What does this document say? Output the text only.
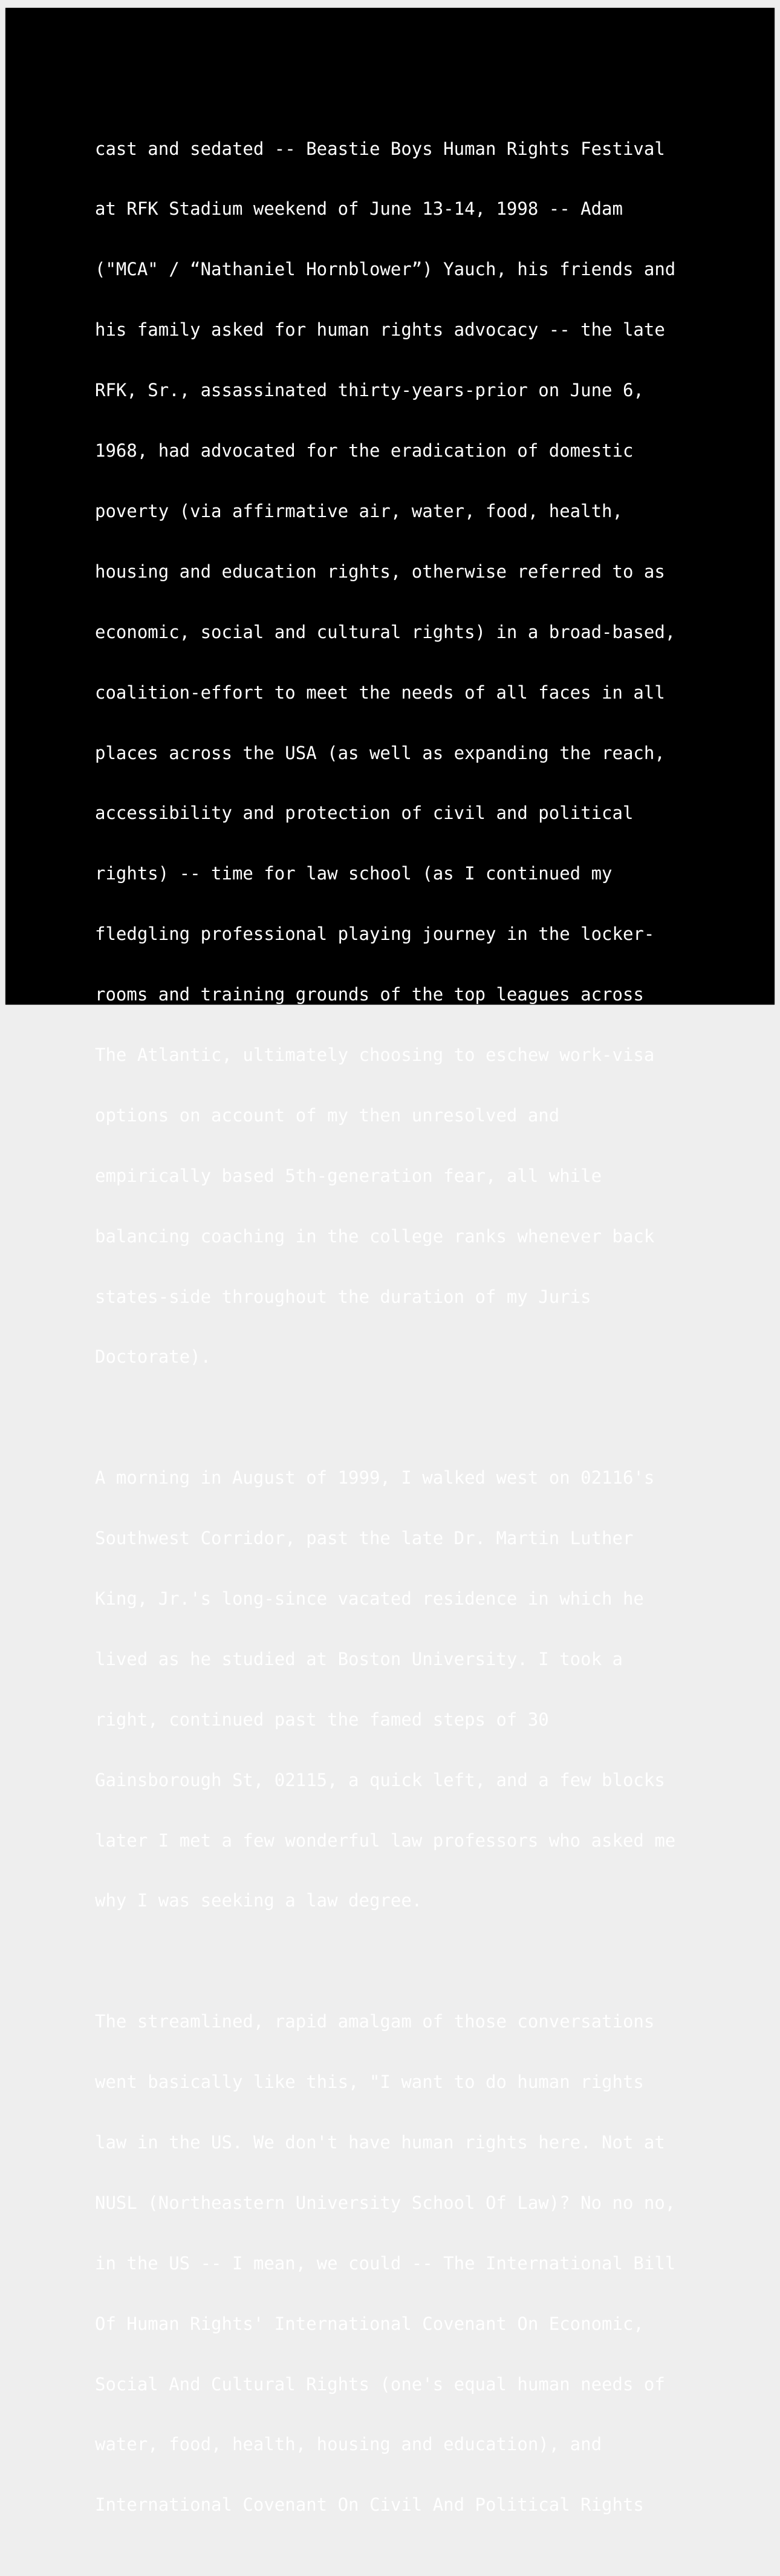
cast and sedated -- Beastie Boys Human Rights Festival

at RFK Stadium weekend of June 13-14, 1998 -- Adam

("MCA" / “Nathaniel Hornblower”) Yauch, his friends and

his family asked for human rights advocacy -- the late

RFK, Sr., assassinated thirty-years-prior on June 6,

1968, had advocated for the eradication of domestic

poverty (via affirmative air, water, food, health,

housing and education rights, otherwise referred to as

economic, social and cultural rights) in a broad-based,

coalition-effort to meet the needs of all faces in all

places across the USA (as well as expanding the reach,

accessibility and protection of civil and political

rights) -- time for law school (as I continued my

fledgling professional playing journey in the locker-

rooms and training grounds of the top leagues across

The Atlantic, ultimately choosing to eschew work-visa

options on account of my then unresolved and

empirically based 5th-generation fear, all while

balancing coaching in the college ranks whenever back

states-side throughout the duration of my Juris

Doctorate).

A morning in August of 1999, I walked west on 02116's

Southwest Corridor, past the late Dr. Martin Luther

King, Jr.'s long-since vacated residence in which he

lived as he studied at Boston University. I took a

right, continued past the famed steps of 30

Gainsborough St, 02115, a quick left, and a few blocks

later I met a few wonderful law professors who asked me

why I was seeking a law degree.

The streamlined, rapid amalgam of those conversations

went basically like this, "I want to do human rights

law in the US. We don't have human rights here. Not at

NUSL (Northeastern University School Of Law)? No no no,

in the US -- I mean, we could -- The International Bill

Of Human Rights' International Covenant On Economic,

Social And Cultural Rights (one's equal human needs of

water, food, health, housing and education), and

International Covenant On Civil And Political Rights
